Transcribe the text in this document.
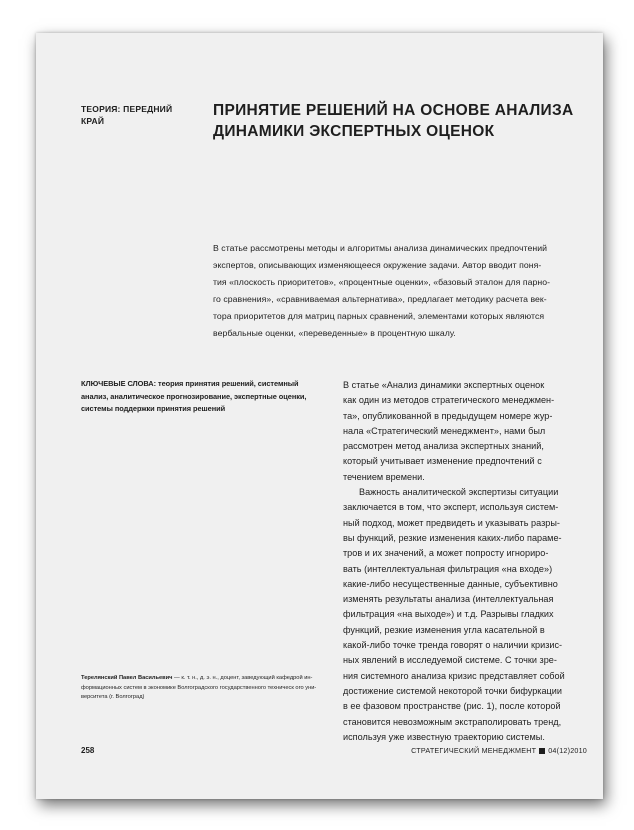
ТЕОРИЯ: ПЕРЕДНИЙ
КРАЙ
ПРИНЯТИЕ РЕШЕНИЙ НА ОСНОВЕ АНАЛИЗА
ДИНАМИКИ ЭКСПЕРТНЫХ ОЦЕНОК
В статье рассмотрены методы и алгоритмы анализа динамических предпочтений
экспертов, описывающих изменяющееся окружение задачи. Автор вводит поня-
тия «плоскость приоритетов», «процентные оценки», «базовый эталон для парно-
го сравнения», «сравниваемая альтернатива», предлагает методику расчета век-
тора приоритетов для матриц парных сравнений, элементами которых являются
вербальные оценки, «переведенные» в процентную шкалу.
КЛЮЧЕВЫЕ СЛОВА: теория принятия решений, системный
анализ, аналитическое прогнозирование, экспертные оценки,
системы поддержки принятия решений
Терелянский Павел Васильевич — к. т. н., д. э. н., доцент, заведующий кафедрой ин-
формационных систем в экономике Волгоградского государственного техническ ого уни-
верситета (г. Волгоград)

В статье «Анализ динамики экспертных оценок
как один из методов стратегического менеджмен-
та», опубликованной в предыдущем номере жур-
нала «Стратегический менеджмент», нами был
рассмотрен метод анализа экспертных знаний,
который учитывает изменение предпочтений с
течением времени.

Важность аналитической экспертизы ситуации
заключается в том, что эксперт, используя систем-
ный подход, может предвидеть и указывать разры-
вы функций, резкие изменения каких-либо параме-
тров и их значений, а может попросту игнориро-
вать (интеллектуальная фильтрация «на входе»)
какие-либо несущественные данные, субъективно
изменять результаты анализа (интеллектуальная
фильтрация «на выходе») и т.д. Разрывы гладких
функций, резкие изменения угла касательной в
какой-либо точке тренда говорят о наличии кризис-
ных явлений в исследуемой системе. С точки зре-
ния системного анализа кризис представляет собой
достижение системой некоторой точки бифуркации
в ее фазовом пространстве (рис. 1), после которой
становится невозможным экстраполировать тренд,
используя уже известную траекторию системы.

258	СТРАТЕГИЧЕСКИЙ МЕНЕДЖМЕНТ 04(12)2010
